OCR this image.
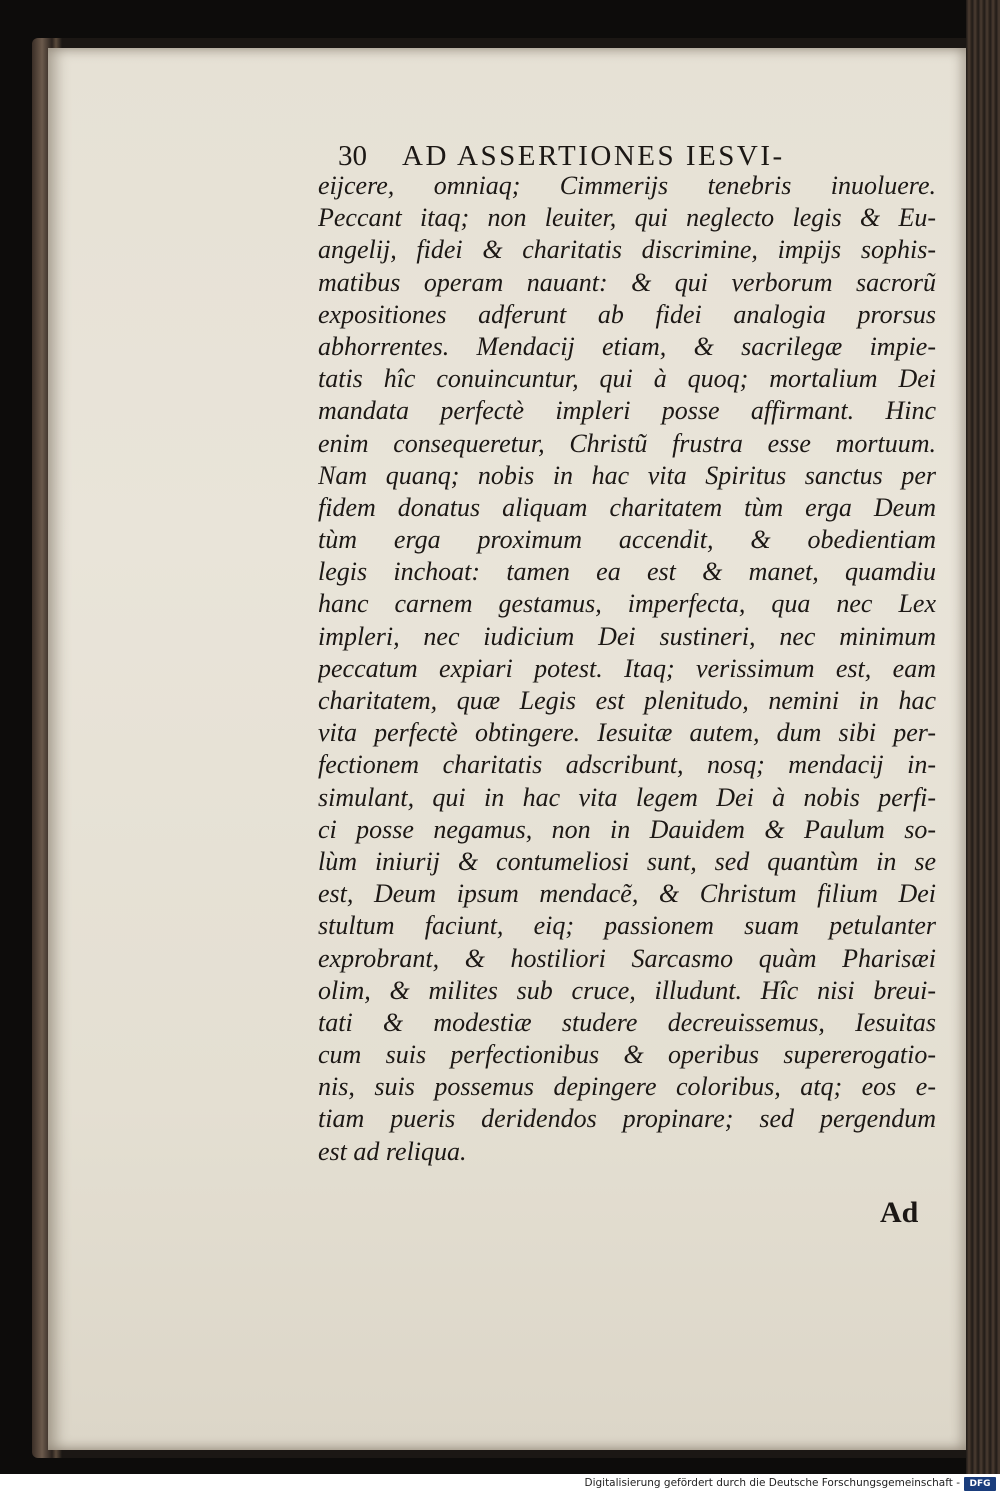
30 AD ASSERTIONES IESVI-
eijcere, omniaq; Cimmerijs tenebris inuoluere.
Peccant itaq; non leuiter, qui neglecto legis & Eu-
angelij, fidei & charitatis discrimine, impijs sophis-
matibus operam nauant: & qui verborum sacrorũ
expositiones adferunt ab fidei analogia prorsus
abhorrentes. Mendacij etiam, & sacrilegæ impie-
tatis hîc conuincuntur, qui à quoq; mortalium Dei
mandata perfectè impleri posse affirmant. Hinc
enim consequeretur, Christũ frustra esse mortuum.
Nam quanq; nobis in hac vita Spiritus sanctus per
fidem donatus aliquam charitatem tùm erga Deum
tùm erga proximum accendit, & obedientiam
legis inchoat: tamen ea est & manet, quamdiu
hanc carnem gestamus, imperfecta, qua nec Lex
impleri, nec iudicium Dei sustineri, nec minimum
peccatum expiari potest. Itaq; verissimum est, eam
charitatem, quæ Legis est plenitudo, nemini in hac
vita perfectè obtingere. Iesuitæ autem, dum sibi per-
fectionem charitatis adscribunt, nosq; mendacij in-
simulant, qui in hac vita legem Dei à nobis perfi-
ci posse negamus, non in Dauidem & Paulum so-
lùm iniurij & contumeliosi sunt, sed quantùm in se
est, Deum ipsum mendacẽ, & Christum filium Dei
stultum faciunt, eiq; passionem suam petulanter
exprobrant, & hostiliori Sarcasmo quàm Pharisæi
olim, & milites sub cruce, illudunt. Hîc nisi breui-
tati & modestiæ studere decreuissemus, Iesuitas
cum suis perfectionibus & operibus supererogatio-
nis, suis possemus depingere coloribus, atq; eos e-
tiam pueris deridendos propinare; sed pergendum
est ad reliqua.
Ad
Digitalisierung gefördert durch die Deutsche Forschungsgemeinschaft -	DFG
